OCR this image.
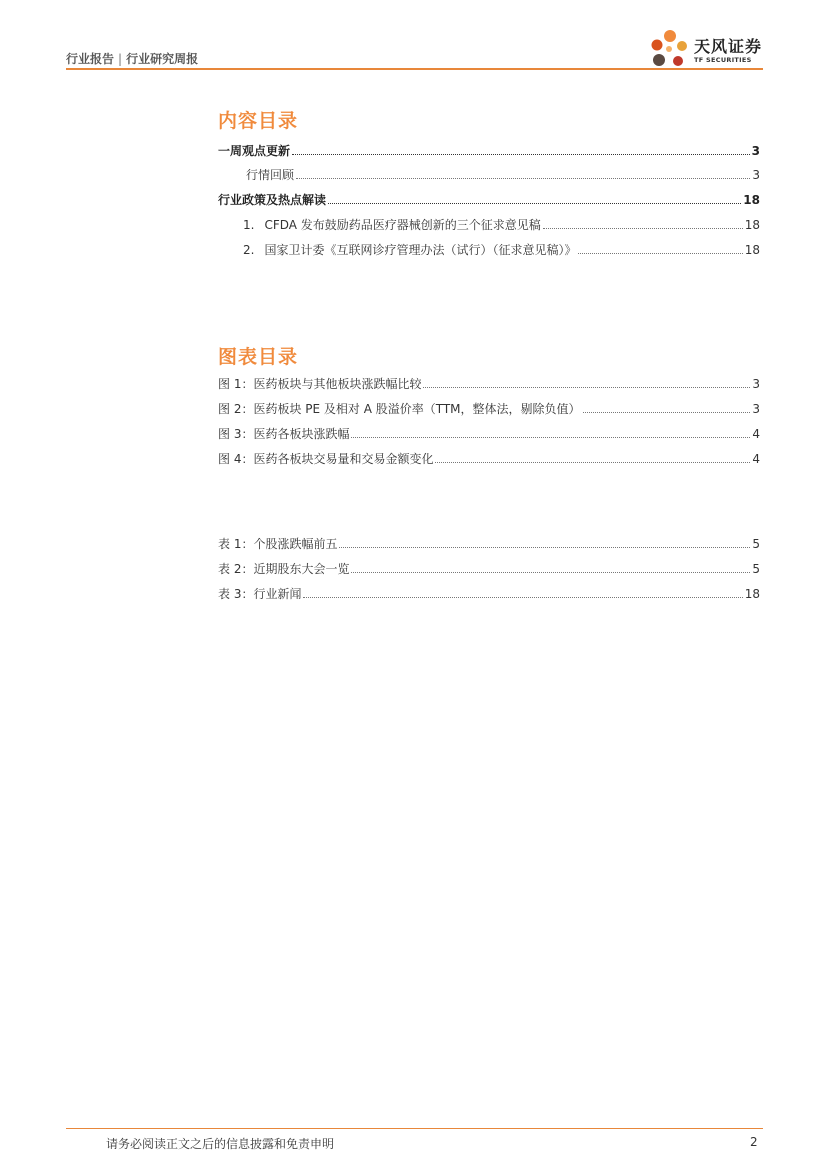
行业报告 | 行业研究周报
天风证券
TF SECURITIES
内容目录
一周观点更新	3
行情回顾	3
行业政策及热点解读	18
1. CFDA 发布鼓励药品医疗器械创新的三个征求意见稿	18
2. 国家卫计委《互联网诊疗管理办法（试行）（征求意见稿）》	18
图表目录
图 1：医药板块与其他板块涨跌幅比较	3
图 2：医药板块 PE 及相对 A 股溢价率（TTM，整体法，剔除负值）	3
图 3：医药各板块涨跌幅	4
图 4：医药各板块交易量和交易金额变化	4
表 1：个股涨跌幅前五	5
表 2：近期股东大会一览	5
表 3：行业新闻	18
请务必阅读正文之后的信息披露和免责申明	2
